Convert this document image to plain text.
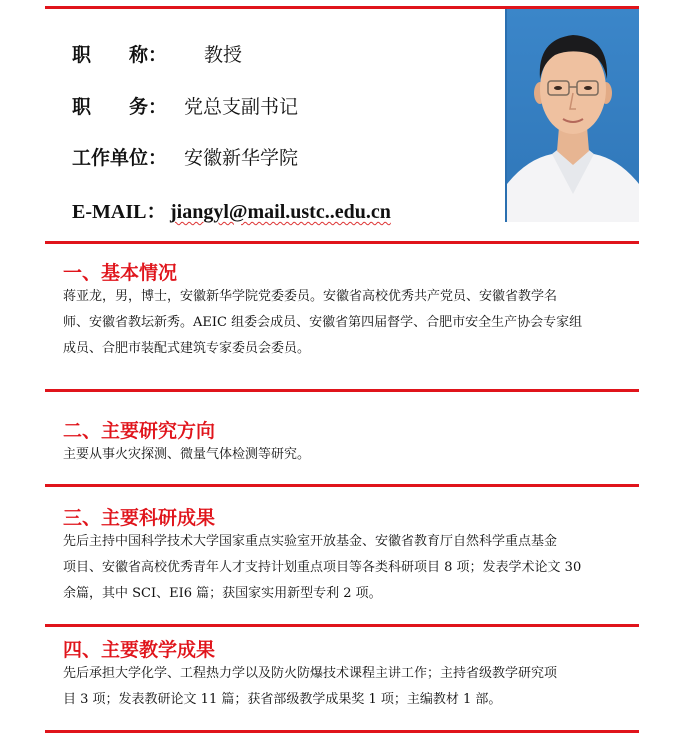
职　　称： 教授
职　　务： 党总支副书记
工作单位： 安徽新华学院
E-MAIL： jiangyl@mail.ustc..edu.cn
一、基本情况
蒋亚龙，男，博士，安徽新华学院党委委员。安徽省高校优秀共产党员、安徽省教学名
师、安徽省教坛新秀。AEIC 组委会成员、安徽省第四届督学、合肥市安全生产协会专家组
成员、合肥市装配式建筑专家委员会委员。
二、主要研究方向
主要从事火灾探测、微量气体检测等研究。
三、主要科研成果
先后主持中国科学技术大学国家重点实验室开放基金、安徽省教育厅自然科学重点基金
项目、安徽省高校优秀青年人才支持计划重点项目等各类科研项目 8 项；发表学术论文 30
余篇，其中 SCI、EI6 篇；获国家实用新型专利 2 项。
四、主要教学成果
先后承担大学化学、工程热力学以及防火防爆技术课程主讲工作；主持省级教学研究项
目 3 项；发表教研论文 11 篇；获省部级教学成果奖 1 项；主编教材 1 部。
